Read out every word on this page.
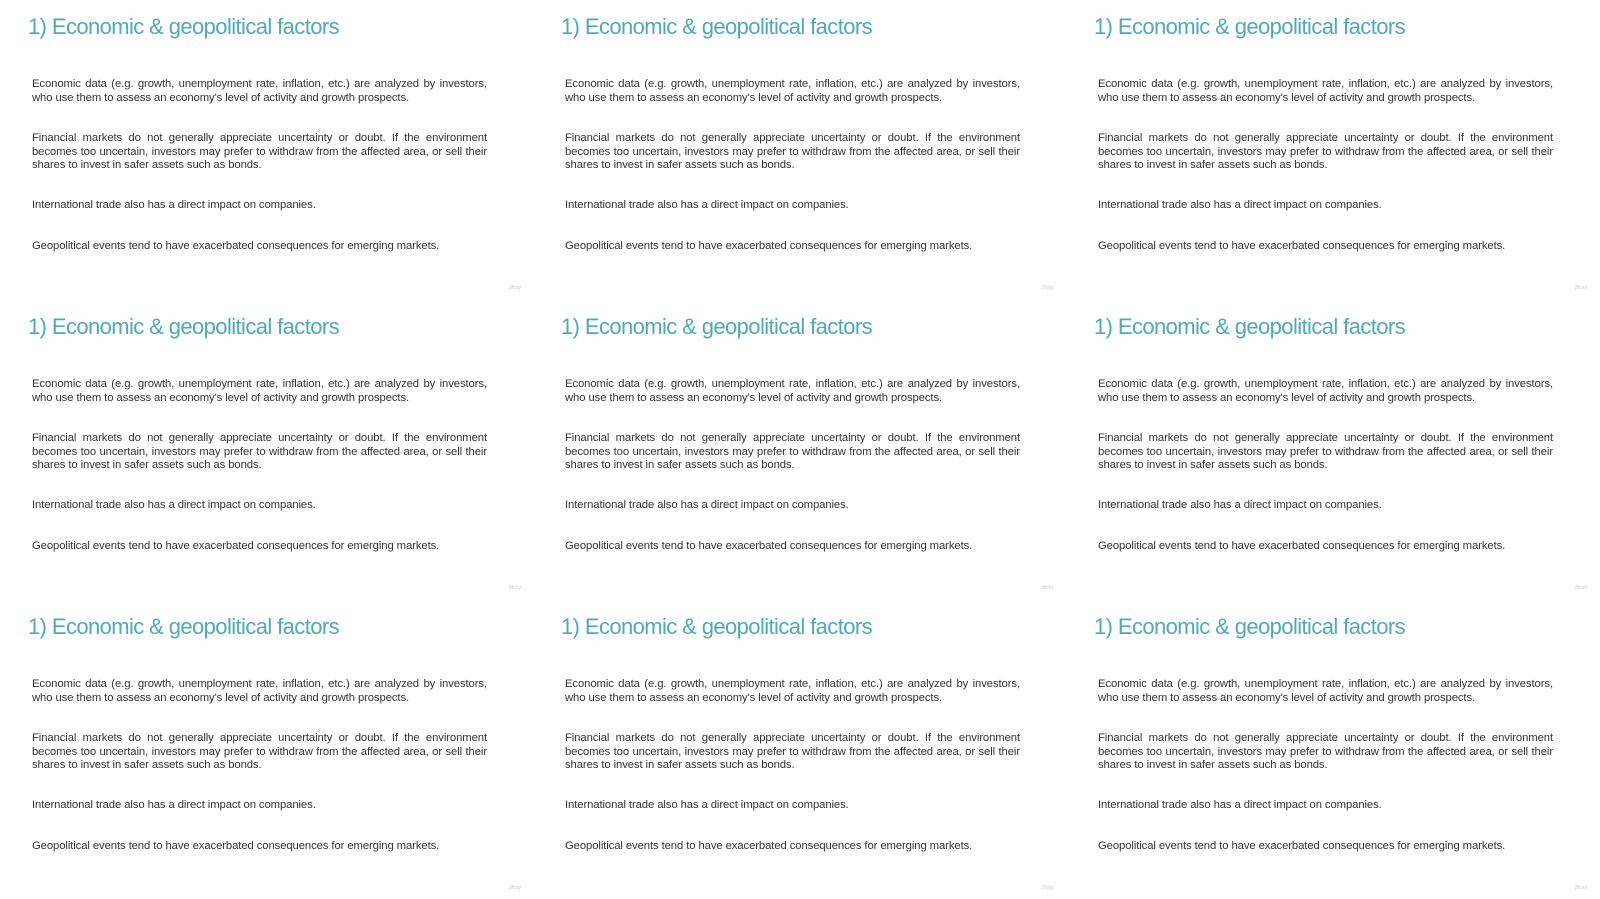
1) Economic & geopolitical factors

Economic data (e.g. growth, unemployment rate, inflation, etc.) are analyzed by investors, who use them to assess an economy's level of activity and growth prospects.

Financial markets do not generally appreciate uncertainty or doubt. If the environment becomes too uncertain, investors may prefer to withdraw from the affected area, or sell their shares to invest in safer assets such as bonds.

International trade also has a direct impact on companies.

Geopolitical events tend to have exacerbated consequences for emerging markets.

3fctry
1) Economic & geopolitical factors

Economic data (e.g. growth, unemployment rate, inflation, etc.) are analyzed by investors, who use them to assess an economy's level of activity and growth prospects.

Financial markets do not generally appreciate uncertainty or doubt. If the environment becomes too uncertain, investors may prefer to withdraw from the affected area, or sell their shares to invest in safer assets such as bonds.

International trade also has a direct impact on companies.

Geopolitical events tend to have exacerbated consequences for emerging markets.

3fctry
1) Economic & geopolitical factors

Economic data (e.g. growth, unemployment rate, inflation, etc.) are analyzed by investors, who use them to assess an economy's level of activity and growth prospects.

Financial markets do not generally appreciate uncertainty or doubt. If the environment becomes too uncertain, investors may prefer to withdraw from the affected area, or sell their shares to invest in safer assets such as bonds.

International trade also has a direct impact on companies.

Geopolitical events tend to have exacerbated consequences for emerging markets.

3fctry
1) Economic & geopolitical factors

Economic data (e.g. growth, unemployment rate, inflation, etc.) are analyzed by investors, who use them to assess an economy's level of activity and growth prospects.

Financial markets do not generally appreciate uncertainty or doubt. If the environment becomes too uncertain, investors may prefer to withdraw from the affected area, or sell their shares to invest in safer assets such as bonds.

International trade also has a direct impact on companies.

Geopolitical events tend to have exacerbated consequences for emerging markets.

3fctry
1) Economic & geopolitical factors

Economic data (e.g. growth, unemployment rate, inflation, etc.) are analyzed by investors, who use them to assess an economy's level of activity and growth prospects.

Financial markets do not generally appreciate uncertainty or doubt. If the environment becomes too uncertain, investors may prefer to withdraw from the affected area, or sell their shares to invest in safer assets such as bonds.

International trade also has a direct impact on companies.

Geopolitical events tend to have exacerbated consequences for emerging markets.

3fctry
1) Economic & geopolitical factors

Economic data (e.g. growth, unemployment rate, inflation, etc.) are analyzed by investors, who use them to assess an economy's level of activity and growth prospects.

Financial markets do not generally appreciate uncertainty or doubt. If the environment becomes too uncertain, investors may prefer to withdraw from the affected area, or sell their shares to invest in safer assets such as bonds.

International trade also has a direct impact on companies.

Geopolitical events tend to have exacerbated consequences for emerging markets.

3fctry
1) Economic & geopolitical factors

Economic data (e.g. growth, unemployment rate, inflation, etc.) are analyzed by investors, who use them to assess an economy's level of activity and growth prospects.

Financial markets do not generally appreciate uncertainty or doubt. If the environment becomes too uncertain, investors may prefer to withdraw from the affected area, or sell their shares to invest in safer assets such as bonds.

International trade also has a direct impact on companies.

Geopolitical events tend to have exacerbated consequences for emerging markets.

3fctry
1) Economic & geopolitical factors

Economic data (e.g. growth, unemployment rate, inflation, etc.) are analyzed by investors, who use them to assess an economy's level of activity and growth prospects.

Financial markets do not generally appreciate uncertainty or doubt. If the environment becomes too uncertain, investors may prefer to withdraw from the affected area, or sell their shares to invest in safer assets such as bonds.

International trade also has a direct impact on companies.

Geopolitical events tend to have exacerbated consequences for emerging markets.

3fctry
1) Economic & geopolitical factors

Economic data (e.g. growth, unemployment rate, inflation, etc.) are analyzed by investors, who use them to assess an economy's level of activity and growth prospects.

Financial markets do not generally appreciate uncertainty or doubt. If the environment becomes too uncertain, investors may prefer to withdraw from the affected area, or sell their shares to invest in safer assets such as bonds.

International trade also has a direct impact on companies.

Geopolitical events tend to have exacerbated consequences for emerging markets.

3fctry
